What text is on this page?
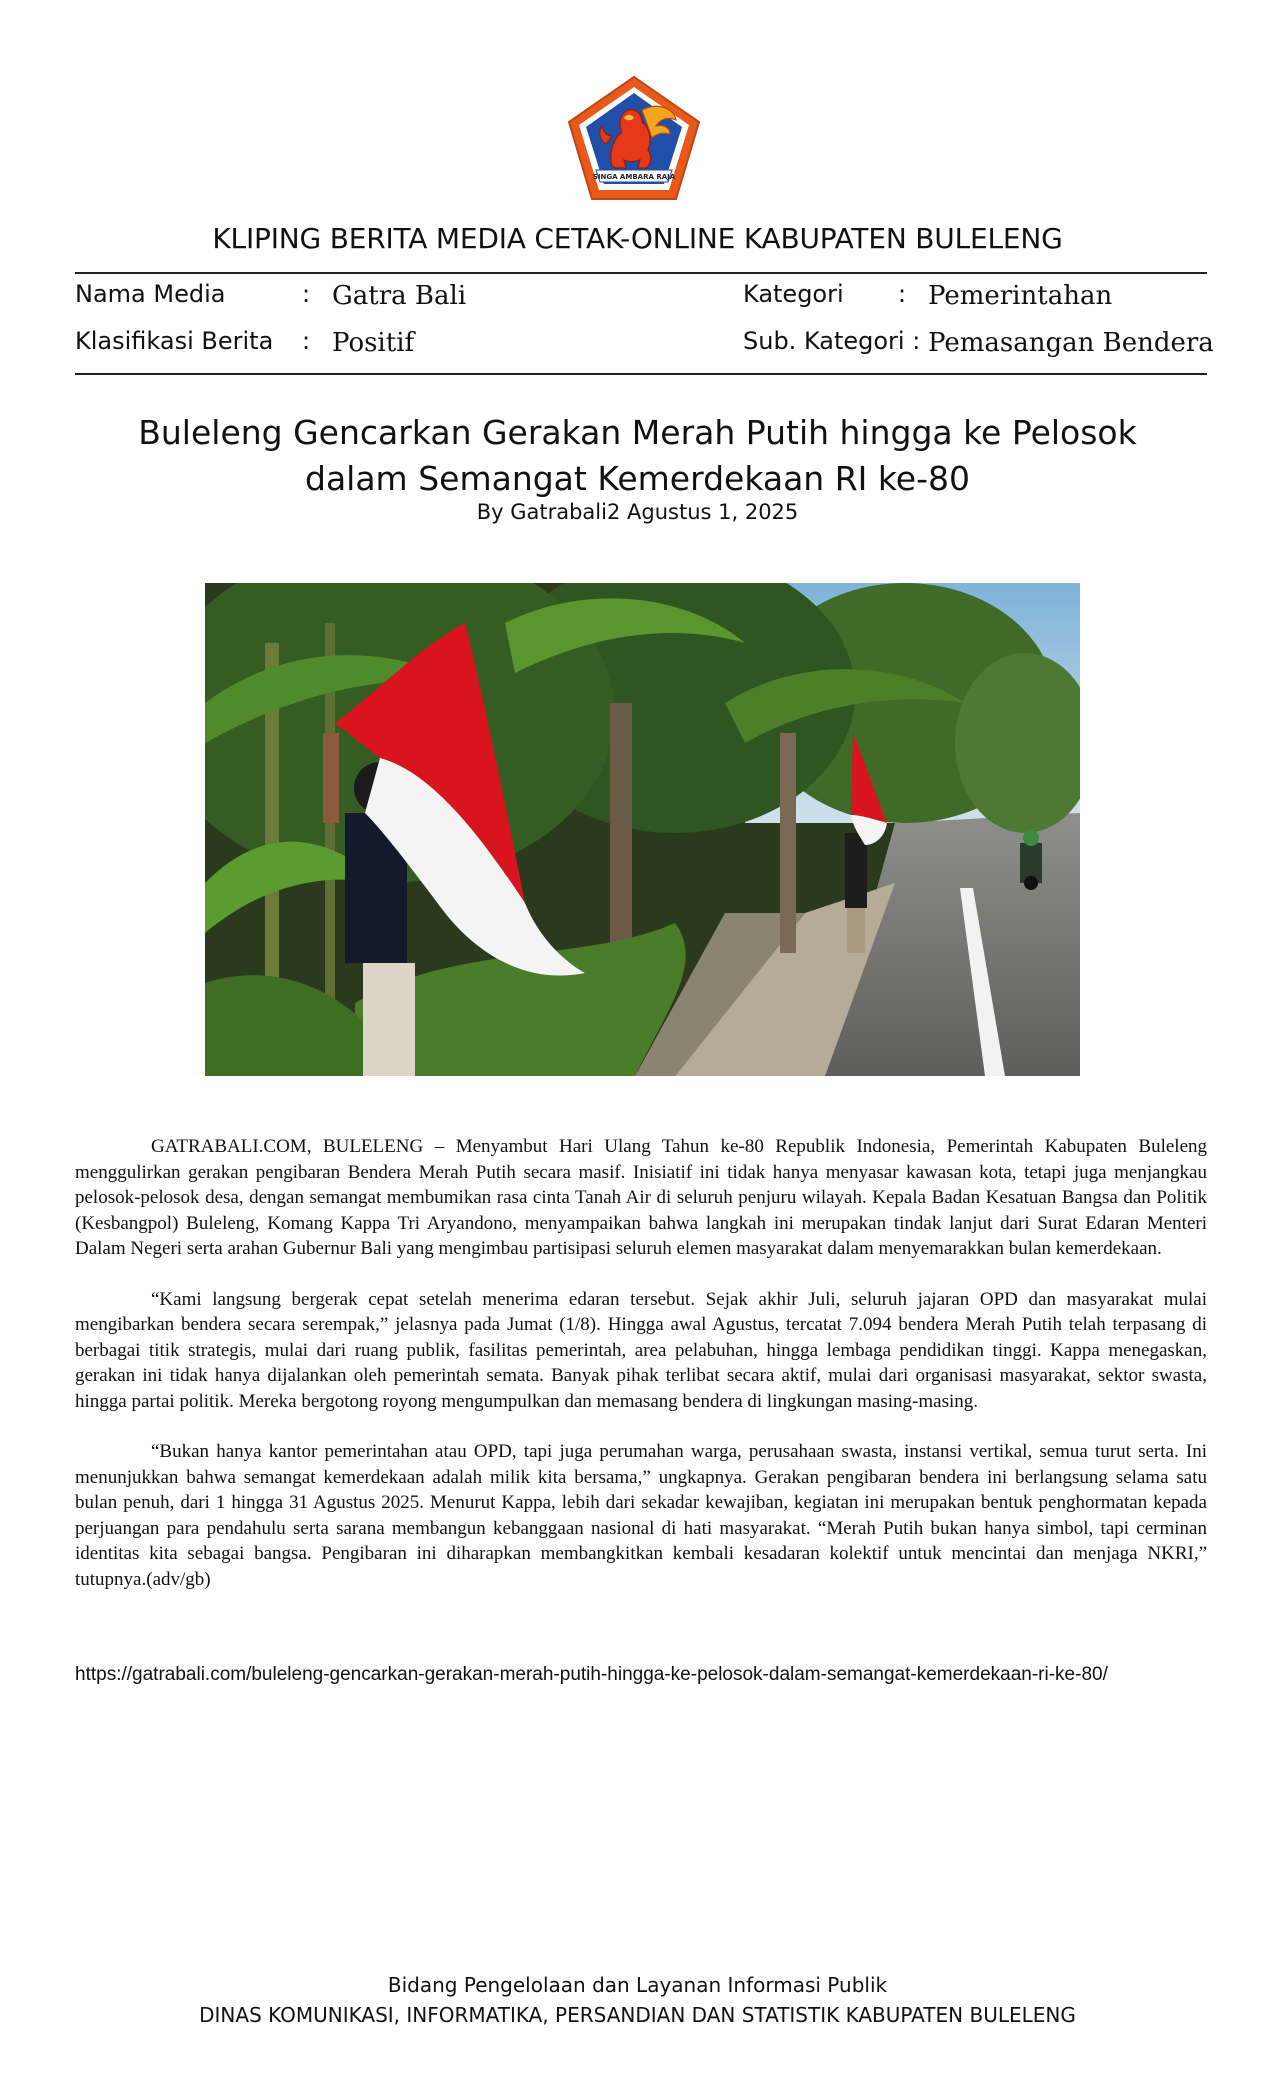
SINGA AMBARA RAJA
KLIPING BERITA MEDIA CETAK-ONLINE KABUPATEN BULELENG
Nama Media	: Gatra Bali
Klasifikasi Berita : Positif
Kategori : Pemerintahan
Sub. Kategori : Pemasangan Bendera
Buleleng Gencarkan Gerakan Merah Putih hingga ke Pelosok dalam Semangat Kemerdekaan RI ke-80
By Gatrabali2 Agustus 1, 2025

GATRABALI.COM, BULELENG – Menyambut Hari Ulang Tahun ke-80 Republik Indonesia, Pemerintah Kabupaten Buleleng menggulirkan gerakan pengibaran Bendera Merah Putih secara masif. Inisiatif ini tidak hanya menyasar kawasan kota, tetapi juga menjangkau pelosok-pelosok desa, dengan semangat membumikan rasa cinta Tanah Air di seluruh penjuru wilayah. Kepala Badan Kesatuan Bangsa dan Politik (Kesbangpol) Buleleng, Komang Kappa Tri Aryandono, menyampaikan bahwa langkah ini merupakan tindak lanjut dari Surat Edaran Menteri Dalam Negeri serta arahan Gubernur Bali yang mengimbau partisipasi seluruh elemen masyarakat dalam menyemarakkan bulan kemerdekaan.

“Kami langsung bergerak cepat setelah menerima edaran tersebut. Sejak akhir Juli, seluruh jajaran OPD dan masyarakat mulai mengibarkan bendera secara serempak,” jelasnya pada Jumat (1/8). Hingga awal Agustus, tercatat 7.094 bendera Merah Putih telah terpasang di berbagai titik strategis, mulai dari ruang publik, fasilitas pemerintah, area pelabuhan, hingga lembaga pendidikan tinggi. Kappa menegaskan, gerakan ini tidak hanya dijalankan oleh pemerintah semata. Banyak pihak terlibat secara aktif, mulai dari organisasi masyarakat, sektor swasta, hingga partai politik. Mereka bergotong royong mengumpulkan dan memasang bendera di lingkungan masing-masing.

“Bukan hanya kantor pemerintahan atau OPD, tapi juga perumahan warga, perusahaan swasta, instansi vertikal, semua turut serta. Ini menunjukkan bahwa semangat kemerdekaan adalah milik kita bersama,” ungkapnya. Gerakan pengibaran bendera ini berlangsung selama satu bulan penuh, dari 1 hingga 31 Agustus 2025. Menurut Kappa, lebih dari sekadar kewajiban, kegiatan ini merupakan bentuk penghormatan kepada perjuangan para pendahulu serta sarana membangun kebanggaan nasional di hati masyarakat. “Merah Putih bukan hanya simbol, tapi cerminan identitas kita sebagai bangsa. Pengibaran ini diharapkan membangkitkan kembali kesadaran kolektif untuk mencintai dan menjaga NKRI,” tutupnya.(adv/gb)

https://gatrabali.com/buleleng-gencarkan-gerakan-merah-putih-hingga-ke-pelosok-dalam-semangat-kemerdekaan-ri-ke-80/
Bidang Pengelolaan dan Layanan Informasi Publik
DINAS KOMUNIKASI, INFORMATIKA, PERSANDIAN DAN STATISTIK KABUPATEN BULELENG
